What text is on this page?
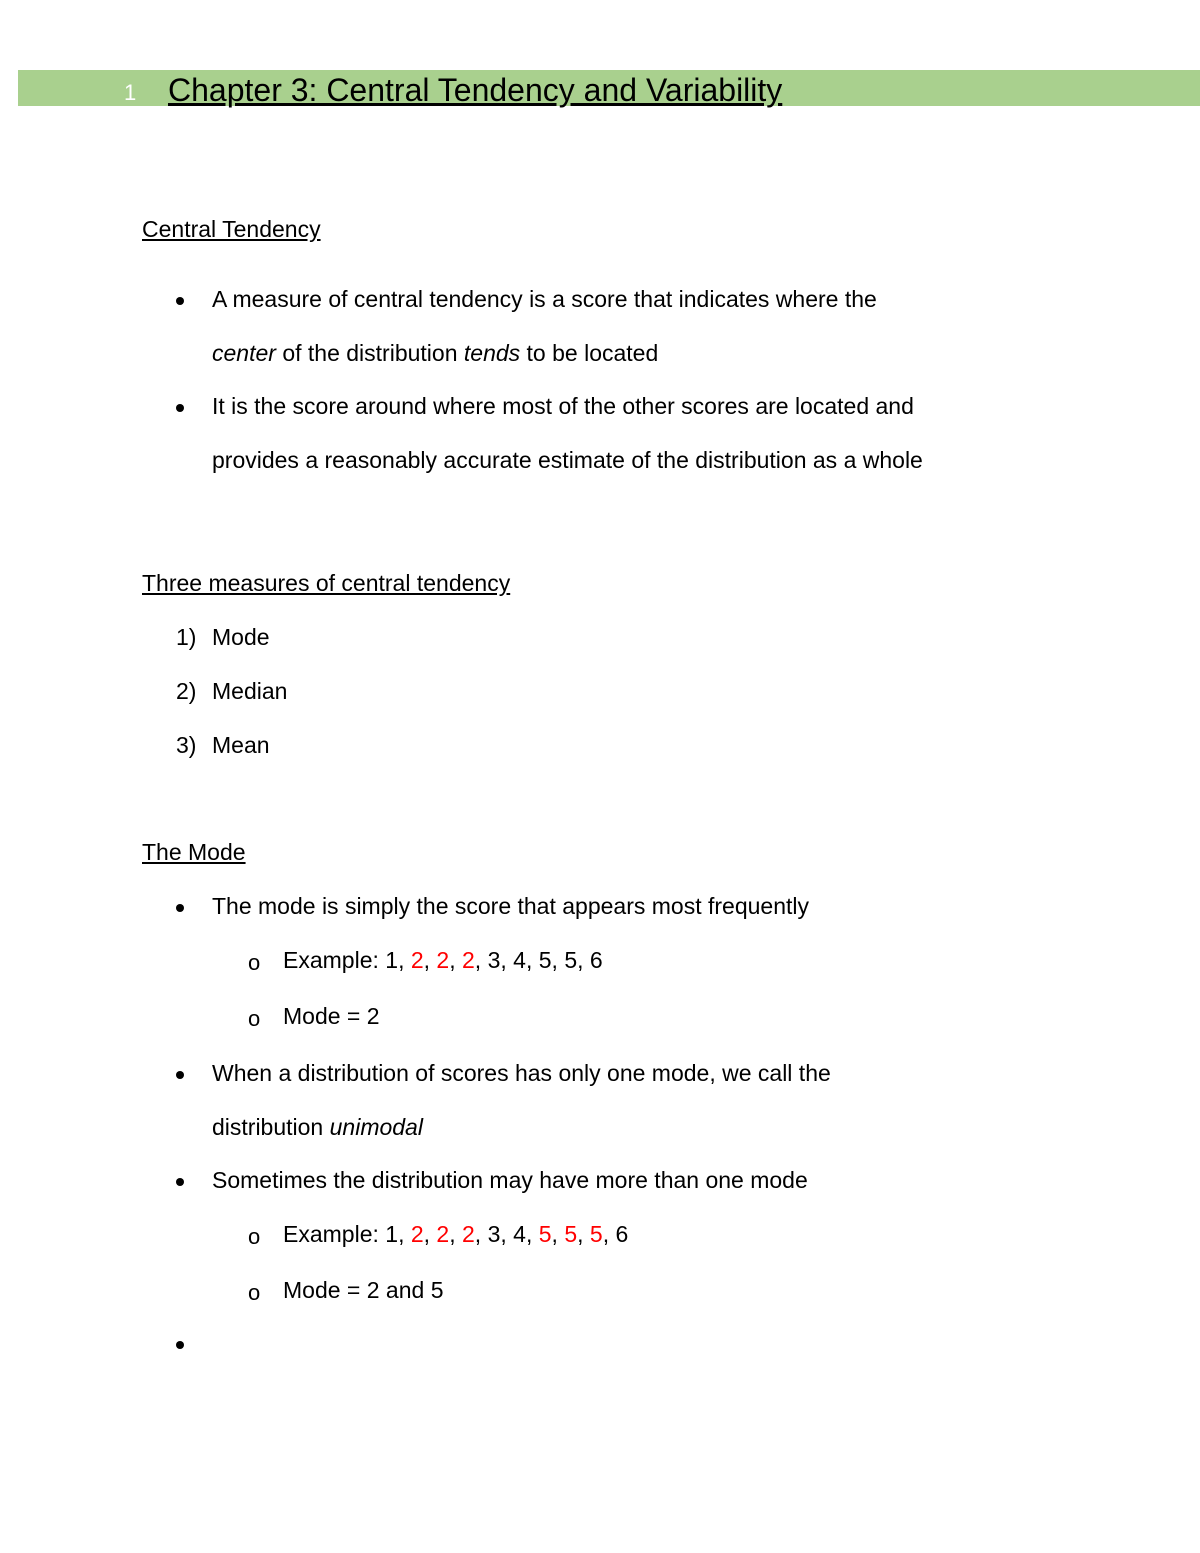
1 Chapter 3: Central Tendency and Variability
Central Tendency
A measure of central tendency is a score that indicates where the
center of the distribution tends to be located
It is the score around where most of the other scores are located and
provides a reasonably accurate estimate of the distribution as a whole
Three measures of central tendency
1) Mode
2) Median
3) Mean
The Mode
The mode is simply the score that appears most frequently
o Example: 1, 2, 2, 2, 3, 4, 5, 5, 6
o Mode = 2
When a distribution of scores has only one mode, we call the
distribution unimodal
Sometimes the distribution may have more than one mode
o Example: 1, 2, 2, 2, 3, 4, 5, 5, 5, 6
o Mode = 2 and 5
